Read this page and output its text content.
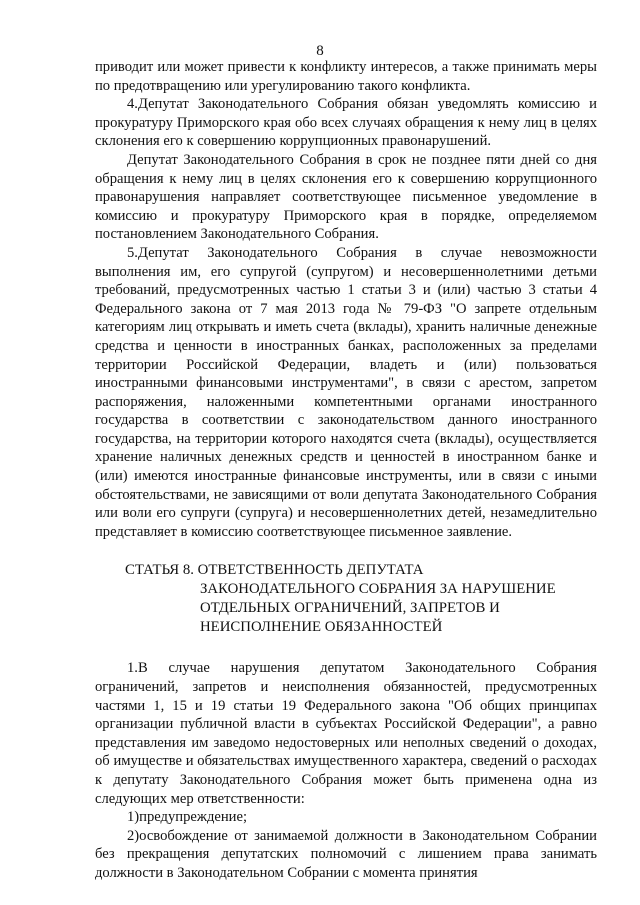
8

приводит или может привести к конфликту интересов, а также принимать меры по предотвращению или урегулированию такого конфликта.

4.Депутат Законодательного Собрания обязан уведомлять комиссию и прокуратуру Приморского края обо всех случаях обращения к нему лиц в целях склонения его к совершению коррупционных правонарушений.

Депутат Законодательного Собрания в срок не позднее пяти дней со дня обращения к нему лиц в целях склонения его к совершению коррупционного правонарушения направляет соответствующее письменное уведомление в комиссию и прокуратуру Приморского края в порядке, определяемом постановлением Законодательного Собрания.

5.Депутат Законодательного Собрания в случае невозможности выполнения им, его супругой (супругом) и несовершеннолетними детьми требований, предусмотренных частью 1 статьи 3 и (или) частью 3 статьи 4 Федерального закона от 7 мая 2013 года № 79-ФЗ "О запрете отдельным категориям лиц открывать и иметь счета (вклады), хранить наличные денежные средства и ценности в иностранных банках, расположенных за пределами территории Российской Федерации, владеть и (или) пользоваться иностранными финансовыми инструментами", в связи с арестом, запретом распоряжения, наложенными компетентными органами иностранного государства в соответствии с законодательством данного иностранного государства, на территории которого находятся счета (вклады), осуществляется хранение наличных денежных средств и ценностей в иностранном банке и (или) имеются иностранные финансовые инструменты, или в связи с иными обстоятельствами, не зависящими от воли депутата Законодательного Собрания или воли его супруги (супруга) и несовершеннолетних детей, незамедлительно представляет в комиссию соответствующее письменное заявление.

СТАТЬЯ 8. ОТВЕТСТВЕННОСТЬ ДЕПУТАТА
ЗАКОНОДАТЕЛЬНОГО СОБРАНИЯ ЗА НАРУШЕНИЕ ОТДЕЛЬНЫХ ОГРАНИЧЕНИЙ, ЗАПРЕТОВ И НЕИСПОЛНЕНИЕ ОБЯЗАННОСТЕЙ

1.В случае нарушения депутатом Законодательного Собрания ограничений, запретов и неисполнения обязанностей, предусмотренных частями 1, 15 и 19 статьи 19 Федерального закона "Об общих принципах организации публичной власти в субъектах Российской Федерации", а равно представления им заведомо недостоверных или неполных сведений о доходах, об имуществе и обязательствах имущественного характера, сведений о расходах к депутату Законодательного Собрания может быть применена одна из следующих мер ответственности:

1)предупреждение;

2)освобождение от занимаемой должности в Законодательном Собрании без прекращения депутатских полномочий с лишением права занимать должности в Законодательном Собрании с момента принятия
